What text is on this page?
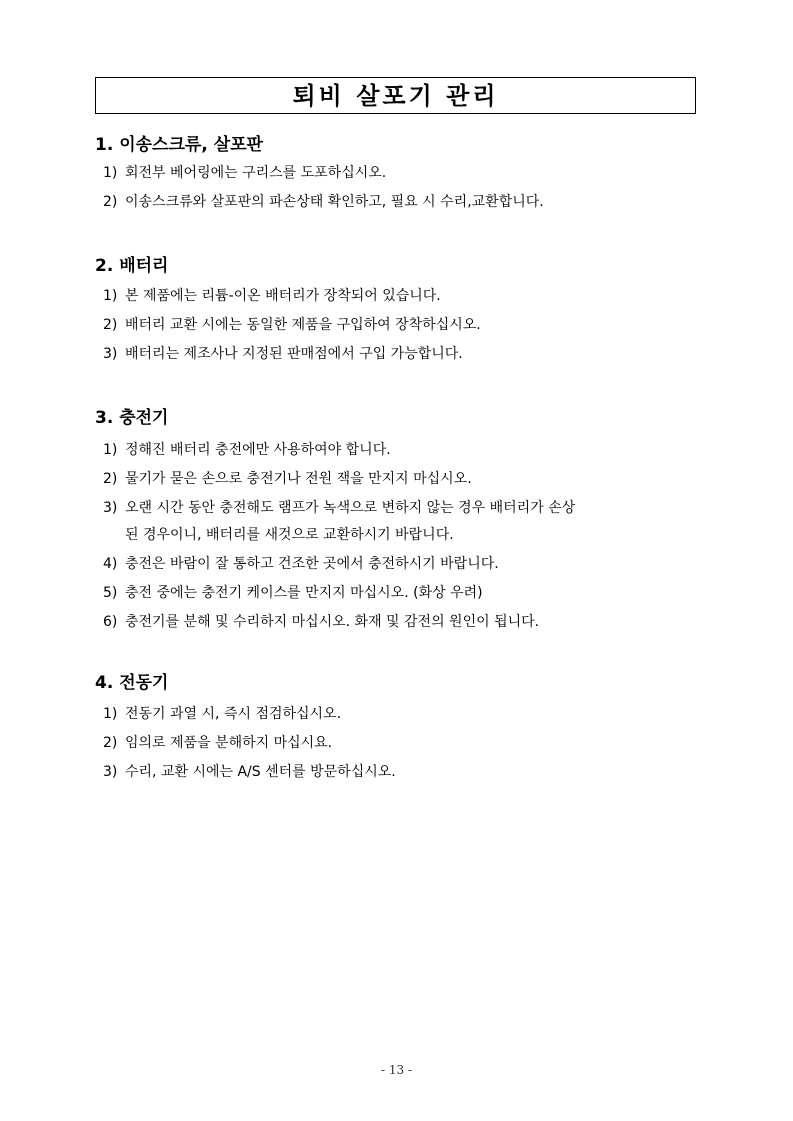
퇴비 살포기 관리
1. 이송스크류, 살포판
1) 회전부 베어링에는 구리스를 도포하십시오.
2) 이송스크류와 살포판의 파손상태 확인하고, 필요 시 수리,교환합니다.
2. 배터리
1) 본 제품에는 리튬-이온 배터리가 장착되어 있습니다.
2) 배터리 교환 시에는 동일한 제품을 구입하여 장착하십시오.
3) 배터리는 제조사나 지정된 판매점에서 구입 가능합니다.
3. 충전기
1) 정해진 배터리 충전에만 사용하여야 합니다.
2) 물기가 묻은 손으로 충전기나 전원 잭을 만지지 마십시오.
3) 오랜 시간 동안 충전해도 램프가 녹색으로 변하지 않는 경우 배터리가 손상
된 경우이니, 배터리를 새것으로 교환하시기 바랍니다.
4) 충전은 바람이 잘 통하고 건조한 곳에서 충전하시기 바랍니다.
5) 충전 중에는 충전기 케이스를 만지지 마십시오. (화상 우려)
6) 충전기를 분해 및 수리하지 마십시오. 화재 및 감전의 원인이 됩니다.
4. 전동기
1) 전동기 과열 시, 즉시 점검하십시오.
2) 임의로 제품을 분해하지 마십시요.
3) 수리, 교환 시에는 A/S 센터를 방문하십시오.
- 13 -
